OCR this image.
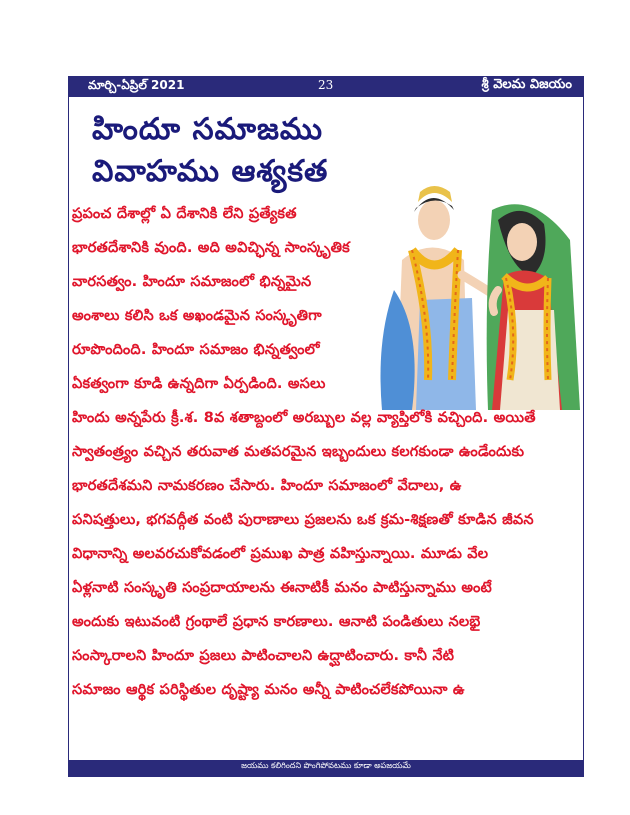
మార్చి-ఏప్రిల్ 2021	23	శ్రీ వెలమ విజయం
హిందూ సమాజము
వివాహము ఆశ్యకత
ప్రపంచ దేశాల్లో ఏ దేశానికి లేని ప్రత్యేకత
భారతదేశానికి వుంది. అది అవిచ్ఛిన్న సాంస్కృతిక
వారసత్వం. హిందూ సమాజంలో భిన్నమైన
అంశాలు కలిసి ఒక అఖండమైన సంస్కృతిగా
రూపొందింది. హిందూ సమాజం భిన్నత్వంలో
ఏకత్వంగా కూడి ఉన్నదిగా ఏర్పడింది. అసలు
హిందు అన్నపేరు క్రీ.శ. 8వ శతాబ్దంలో అరబ్బుల వల్ల వ్యాప్తిలోకి వచ్చింది. అయితే
స్వాతంత్ర్యం వచ్చిన తరువాత మతపరమైన ఇబ్బందులు కలగకుండా ఉండేందుకు
భారతదేశమని నామకరణం చేసారు. హిందూ సమాజంలో వేదాలు, ఉ
పనిషత్తులు, భగవద్గీత వంటి పురాణాలు ప్రజలను ఒక క్రమ-శిక్షణతో కూడిన జీవన
విధానాన్ని అలవరచుకోవడంలో ప్రముఖ పాత్ర వహిస్తున్నాయి. మూడు వేల
ఏళ్లనాటి సంస్కృతి సంప్రదాయాలను ఈనాటికీ మనం పాటిస్తున్నాము అంటే
అందుకు ఇటువంటి గ్రంథాలే ప్రధాన కారణాలు. ఆనాటి పండితులు నలభై
సంస్కారాలని హిందూ ప్రజలు పాటించాలని ఉద్ఘాటించారు. కానీ నేటి
సమాజం ఆర్థిక పరిస్థితుల దృష్ట్యా మనం అన్నీ పాటించలేకపోయినా ఉ
జయము కలిగిందని పొంగిపోవటము కూడా అపజయమే
